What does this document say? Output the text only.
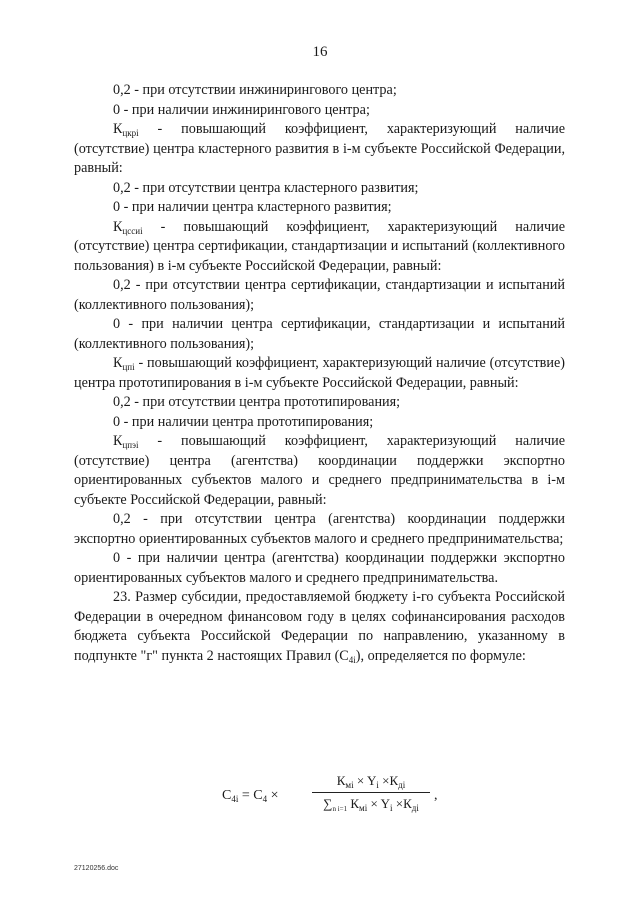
16

0,2 - при отсутствии инжинирингового центра;

0 - при наличии инжинирингового центра;

$К_{цкрi}$ - повышающий коэффициент, характеризующий наличие (отсутствие) центра кластерного развития в i-м субъекте Российской Федерации, равный:

0,2 - при отсутствии центра кластерного развития;

0 - при наличии центра кластерного развития;

$К_{цссиi}$ - повышающий коэффициент, характеризующий наличие (отсутствие) центра сертификации, стандартизации и испытаний (коллективного пользования) в i-м субъекте Российской Федерации, равный:

0,2 - при отсутствии центра сертификации, стандартизации и испытаний (коллективного пользования);

0 - при наличии центра сертификации, стандартизации и испытаний (коллективного пользования);

$К_{цпi}$ - повышающий коэффициент, характеризующий наличие (отсутствие) центра прототипирования в i-м субъекте Российской Федерации, равный:

0,2 - при отсутствии центра прототипирования;

0 - при наличии центра прототипирования;

$К_{цпэi}$ - повышающий коэффициент, характеризующий наличие (отсутствие) центра (агентства) координации поддержки экспортно ориентированных субъектов малого и среднего предпринимательства в i-м субъекте Российской Федерации, равный:

0,2 - при отсутствии центра (агентства) координации поддержки экспортно ориентированных субъектов малого и среднего предпринимательства;

0 - при наличии центра (агентства) координации поддержки экспортно ориентированных субъектов малого и среднего предпринимательства.

23. Размер субсидии, предоставляемой бюджету i-го субъекта Российской Федерации в очередном финансовом году в целях софинансирования расходов бюджета субъекта Российской Федерации по направлению, указанному в подпункте "г" пункта 2 настоящих Правил $(С_{4i})$, определяется по формуле:

$С_{4i} = С_4$ ×
$К_{мi} \times Y_i \times К_{дi}$
$\sum_{n i=1}$ $К_{мi} \times Y_i \times К_{дi}$
,
27120256.doc
